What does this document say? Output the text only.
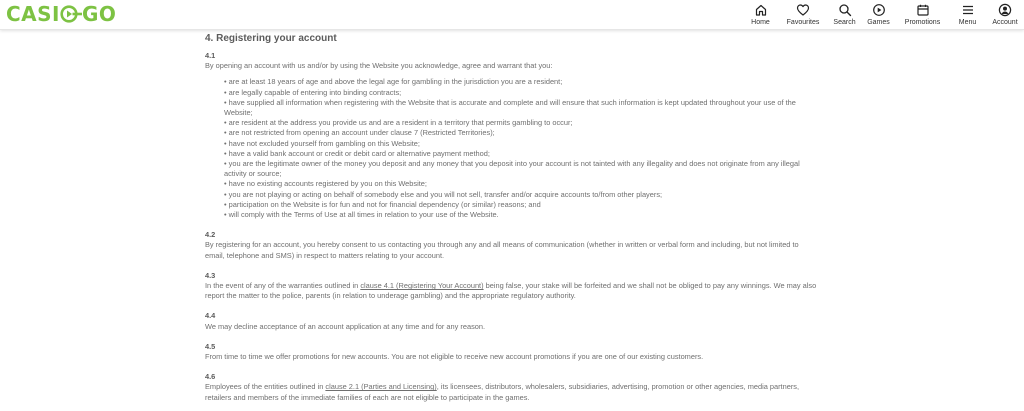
CASI GO	Home Favourites Search Games Promotions	Menu Account
4. Registering your account

4.1

By opening an account with us and/or by using the Website you acknowledge, agree and warrant that you:

• are at least 18 years of age and above the legal age for gambling in the jurisdiction you are a resident;
• are legally capable of entering into binding contracts;
• have supplied all information when registering with the Website that is accurate and complete and will ensure that such information is kept updated throughout your use of the Website;
• are resident at the address you provide us and are a resident in a territory that permits gambling to occur;
• are not restricted from opening an account under clause 7 (Restricted Territories);
• have not excluded yourself from gambling on this Website;
• have a valid bank account or credit or debit card or alternative payment method;
• you are the legitimate owner of the money you deposit and any money that you deposit into your account is not tainted with any illegality and does not originate from any illegal activity or source;
• have no existing accounts registered by you on this Website;
• you are not playing or acting on behalf of somebody else and you will not sell, transfer and/or acquire accounts to/from other players;
• participation on the Website is for fun and not for financial dependency (or similar) reasons; and
• will comply with the Terms of Use at all times in relation to your use of the Website.

4.2

By registering for an account, you hereby consent to us contacting you through any and all means of communication (whether in written or verbal form and including, but not limited to email, telephone and SMS) in respect to matters relating to your account.

4.3

In the event of any of the warranties outlined in clause 4.1 (Registering Your Account) being false, your stake will be forfeited and we shall not be obliged to pay any winnings. We may also report the matter to the police, parents (in relation to underage gambling) and the appropriate regulatory authority.

4.4

We may decline acceptance of an account application at any time and for any reason.

4.5

From time to time we offer promotions for new accounts. You are not eligible to receive new account promotions if you are one of our existing customers.

4.6

Employees of the entities outlined in clause 2.1 (Parties and Licensing), its licensees, distributors, wholesalers, subsidiaries, advertising, promotion or other agencies, media partners, retailers and members of the immediate families of each are not eligible to participate in the games.
